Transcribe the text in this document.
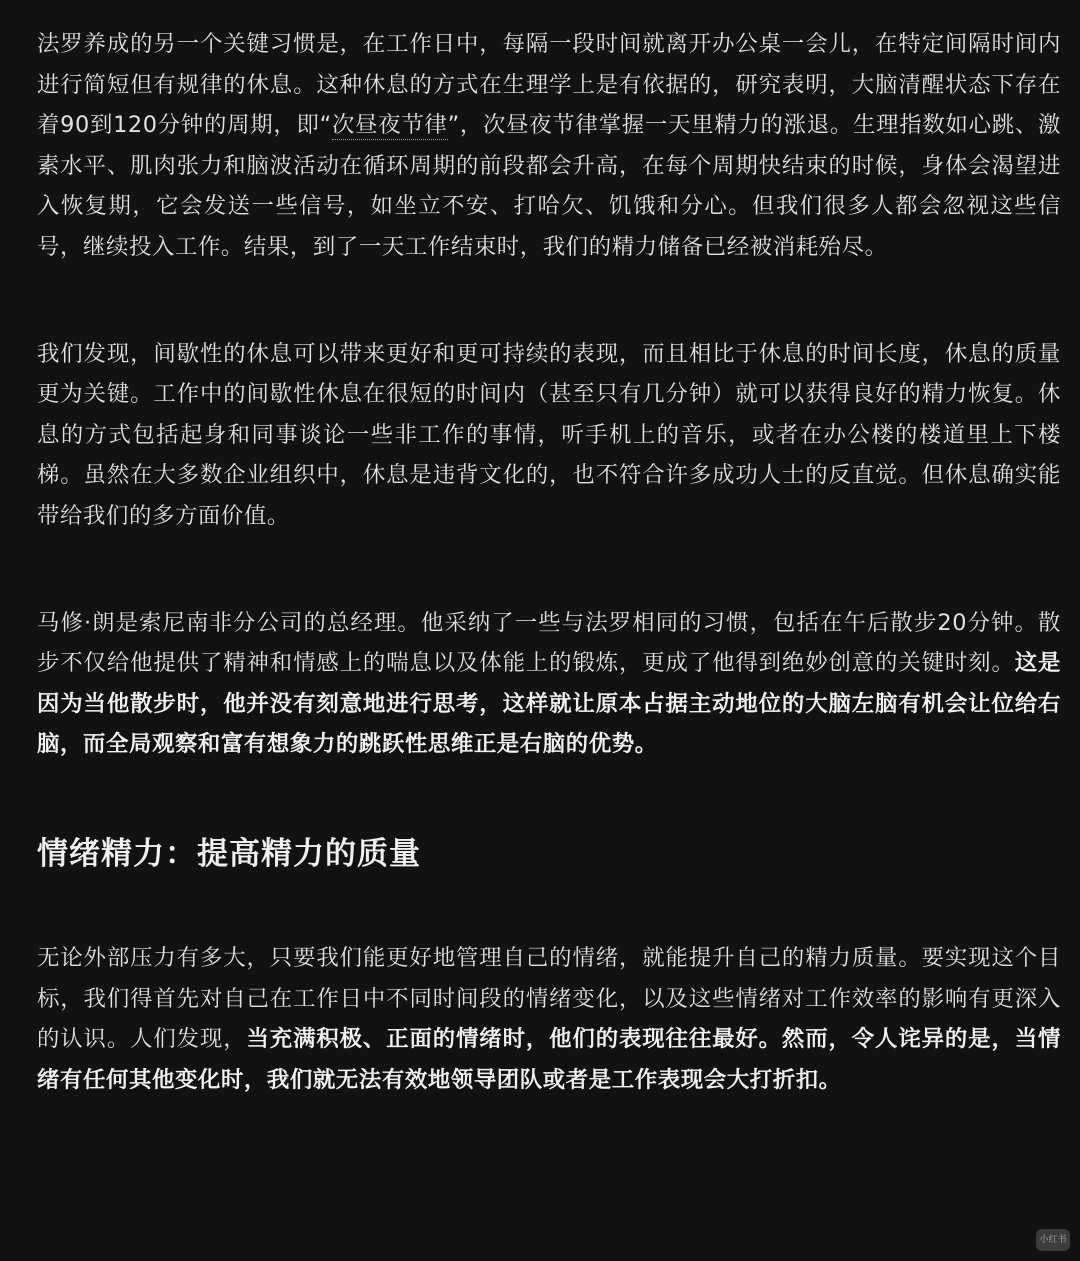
法罗养成的另一个关键习惯是，在工作日中，每隔一段时间就离开办公桌一会儿，在特定间隔时间内进行简短但有规律的休息。这种休息的方式在生理学上是有依据的，研究表明，大脑清醒状态下存在着90到120分钟的周期，即“次昼夜节律”，次昼夜节律掌握一天里精力的涨退。生理指数如心跳、激素水平、肌肉张力和脑波活动在循环周期的前段都会升高，在每个周期快结束的时候，身体会渴望进入恢复期，它会发送一些信号，如坐立不安、打哈欠、饥饿和分心。但我们很多人都会忽视这些信号，继续投入工作。结果，到了一天工作结束时，我们的精力储备已经被消耗殆尽。

我们发现，间歇性的休息可以带来更好和更可持续的表现，而且相比于休息的时间长度，休息的质量更为关键。工作中的间歇性休息在很短的时间内（甚至只有几分钟）就可以获得良好的精力恢复。休息的方式包括起身和同事谈论一些非工作的事情，听手机上的音乐，或者在办公楼的楼道里上下楼梯。虽然在大多数企业组织中，休息是违背文化的，也不符合许多成功人士的反直觉。但休息确实能带给我们的多方面价值。

马修·朗是索尼南非分公司的总经理。他采纳了一些与法罗相同的习惯，包括在午后散步20分钟。散步不仅给他提供了精神和情感上的喘息以及体能上的锻炼，更成了他得到绝妙创意的关键时刻。这是因为当他散步时，他并没有刻意地进行思考，这样就让原本占据主动地位的大脑左脑有机会让位给右脑，而全局观察和富有想象力的跳跃性思维正是右脑的优势。

情绪精力：提高精力的质量

无论外部压力有多大，只要我们能更好地管理自己的情绪，就能提升自己的精力质量。要实现这个目标，我们得首先对自己在工作日中不同时间段的情绪变化，以及这些情绪对工作效率的影响有更深入的认识。人们发现，当充满积极、正面的情绪时，他们的表现往往最好。然而，令人诧异的是，当情绪有任何其他变化时，我们就无法有效地领导团队或者是工作表现会大打折扣。

小红书
